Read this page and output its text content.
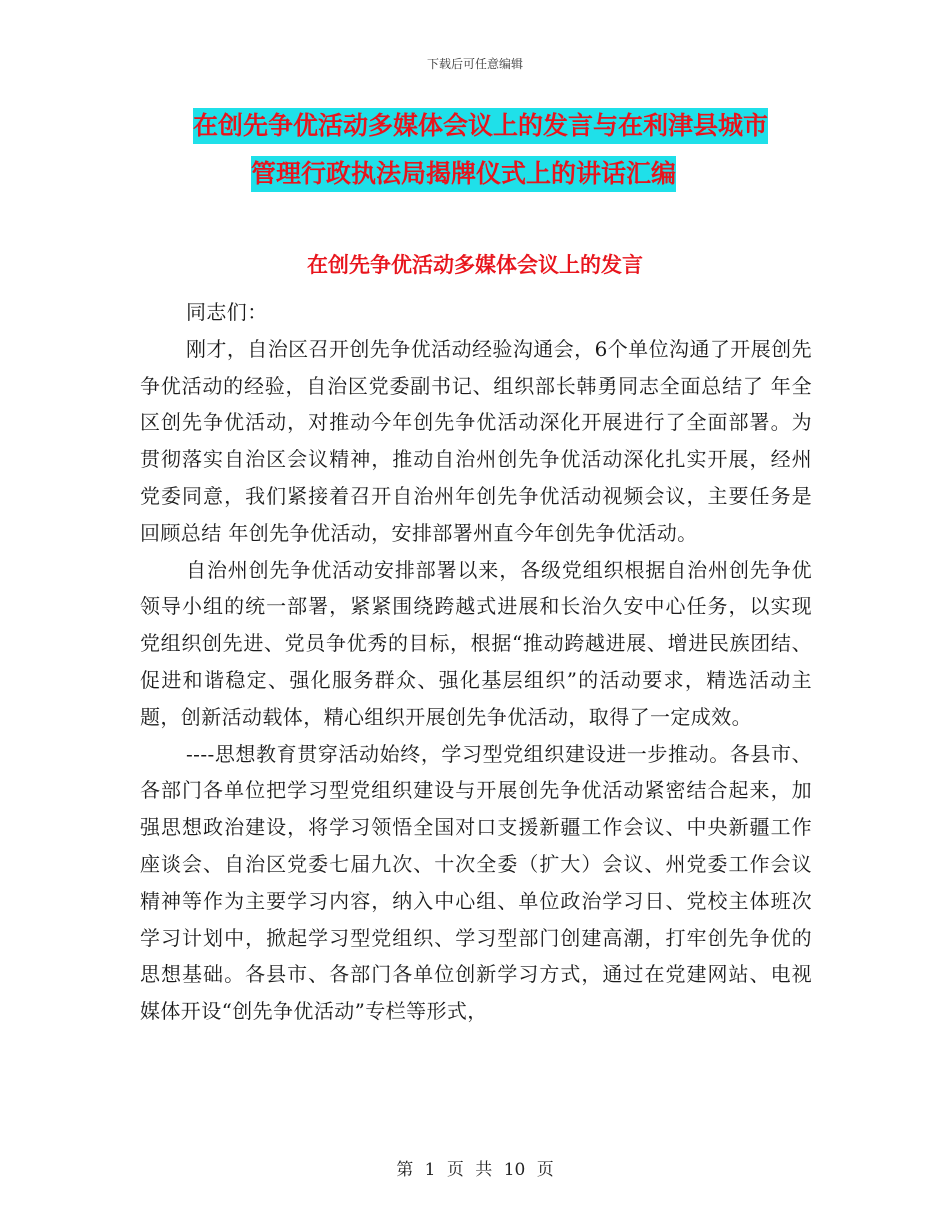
下载后可任意编辑
在创先争优活动多媒体会议上的发言与在利津县城市
管理行政执法局揭牌仪式上的讲话汇编
在创先争优活动多媒体会议上的发言

同志们：

刚才，自治区召开创先争优活动经验沟通会，6个单位沟通了开展创先争优活动的经验，自治区党委副书记、组织部长韩勇同志全面总结了 年全区创先争优活动，对推动今年创先争优活动深化开展进行了全面部署。为贯彻落实自治区会议精神，推动自治州创先争优活动深化扎实开展，经州党委同意，我们紧接着召开自治州年创先争优活动视频会议，主要任务是回顾总结 年创先争优活动，安排部署州直今年创先争优活动。

自治州创先争优活动安排部署以来，各级党组织根据自治州创先争优领导小组的统一部署，紧紧围绕跨越式进展和长治久安中心任务，以实现党组织创先进、党员争优秀的目标，根据“推动跨越进展、增进民族团结、促进和谐稳定、强化服务群众、强化基层组织”的活动要求，精选活动主题，创新活动载体，精心组织开展创先争优活动，取得了一定成效。

----思想教育贯穿活动始终，学习型党组织建设进一步推动。各县市、各部门各单位把学习型党组织建设与开展创先争优活动紧密结合起来，加强思想政治建设，将学习领悟全国对口支援新疆工作会议、中央新疆工作座谈会、自治区党委七届九次、十次全委（扩大）会议、州党委工作会议精神等作为主要学习内容，纳入中心组、单位政治学习日、党校主体班次学习计划中，掀起学习型党组织、学习型部门创建高潮，打牢创先争优的思想基础。各县市、各部门各单位创新学习方式，通过在党建网站、电视媒体开设“创先争优活动”专栏等形式，

第 1 页 共 10 页
